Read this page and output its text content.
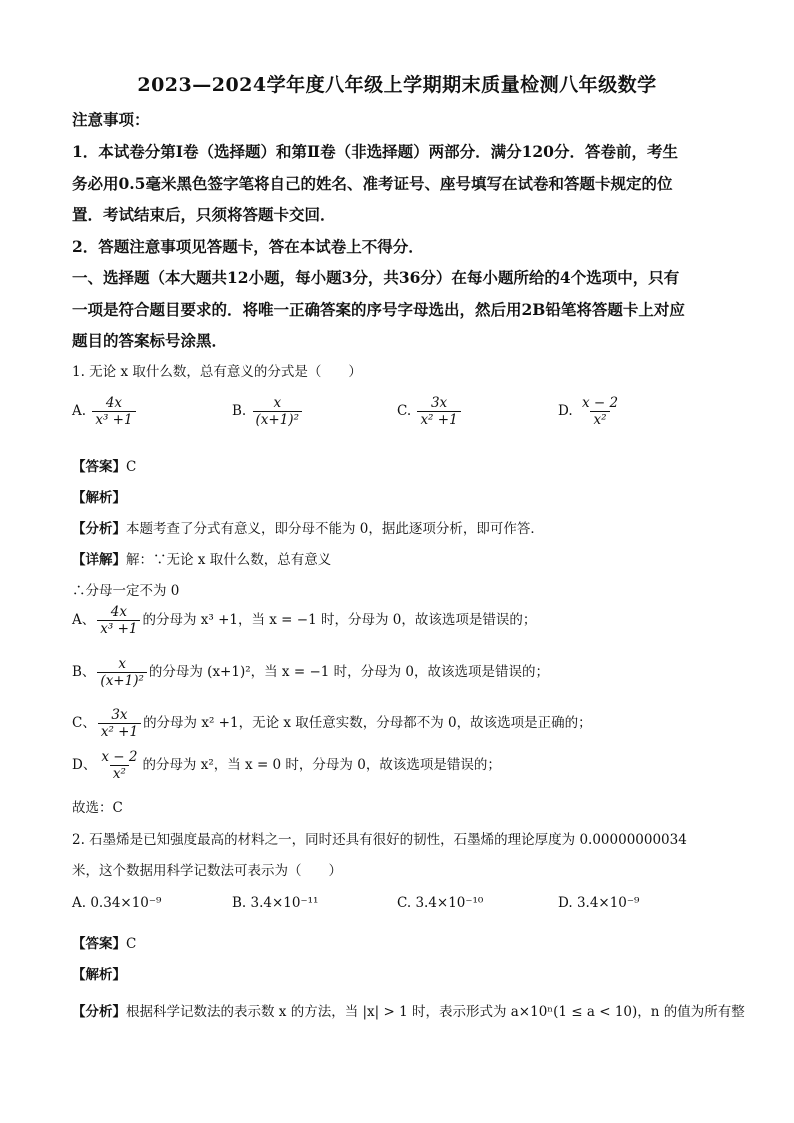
2023—2024学年度八年级上学期期末质量检测八年级数学
注意事项：
1．本试卷分第Ⅰ卷（选择题）和第Ⅱ卷（非选择题）两部分．满分120分．答卷前，考生
务必用0.5毫米黑色签字笔将自己的姓名、准考证号、座号填写在试卷和答题卡规定的位
置．考试结束后，只须将答题卡交回．
2．答题注意事项见答题卡，答在本试卷上不得分．
一、选择题（本大题共12小题，每小题3分，共36分）在每小题所给的4个选项中，只有
一项是符合题目要求的．将唯一正确答案的序号字母选出，然后用2B铅笔将答题卡上对应
题目的答案标号涂黑．
1. 无论 x 取什么数，总有意义的分式是（　　）
A. $\frac{4x}{\text{x³ +1}}$	B. $\frac{x}{\text{(x+1)²}}$	C. $\frac{3x}{\text{x² +1}}$	D. $\frac{x - 2}{\text{x²}}$
【答案】C
【解析】
【分析】本题考查了分式有意义，即分母不能为 0，据此逐项分析，即可作答．
【详解】解：∵无论 x 取什么数，总有意义
∴分母一定不为 0
A、 $\frac{4x}{\text{x³ +1}}$ 的分母为 x³ +1，当 x = −1 时，分母为 0，故该选项是错误的；
B、 $\frac{x}{\text{(x+1)²}}$ 的分母为 (x+1)²，当 x = −1 时，分母为 0，故该选项是错误的；
C、 $\frac{3x}{\text{x² +1}}$ 的分母为 x² +1，无论 x 取任意实数，分母都不为 0，故该选项是正确的；
D、 $\frac{x - 2}{\text{x²}}$ 的分母为 x²，当 x = 0 时，分母为 0，故该选项是错误的；
故选：C
2. 石墨烯是已知强度最高的材料之一，同时还具有很好的韧性，石墨烯的理论厚度为 0.00000000034
米，这个数据用科学记数法可表示为（　　）
A. 0.34×10⁻⁹	B. 3.4×10⁻¹¹	C. 3.4×10⁻¹⁰	D. 3.4×10⁻⁹
【答案】C
【解析】
【分析】根据科学记数法的表示数 x 的方法，当 |x| > 1 时，表示形式为 a×10ⁿ(1 ≤ a < 10)，n 的值为所有整
